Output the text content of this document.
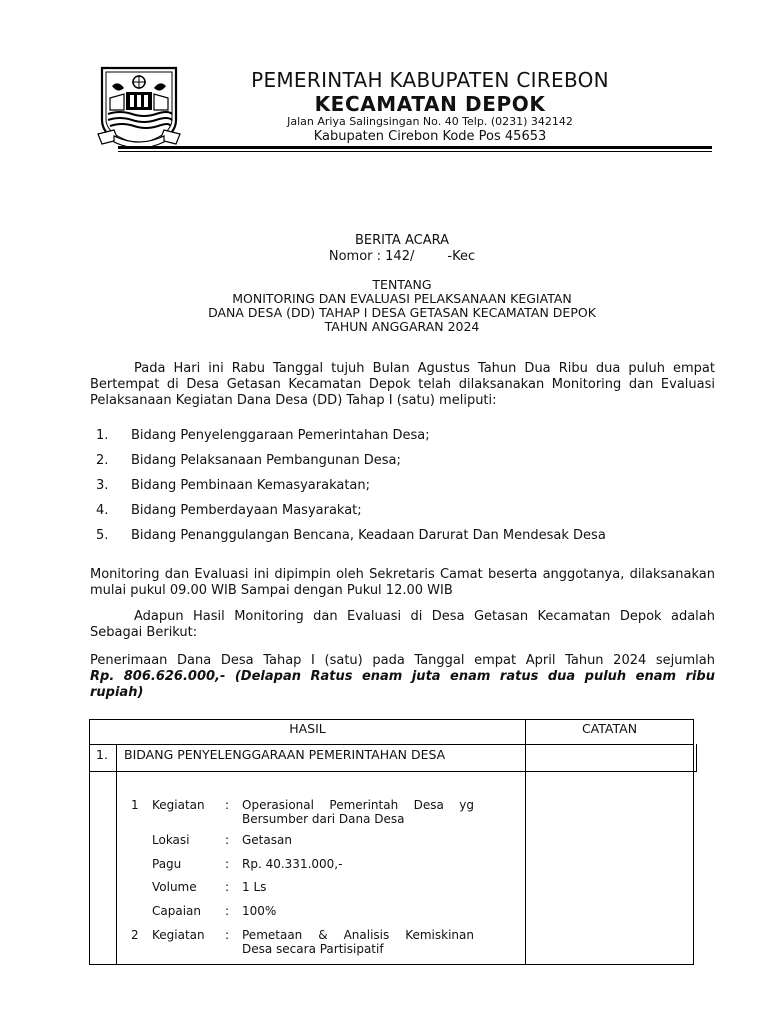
PEMERINTAH KABUPATEN CIREBON
KECAMATAN DEPOK
Jalan Ariya Salingsingan No. 40 Telp. (0231) 342142
Kabupaten Cirebon Kode Pos 45653
BERITA ACARA
Nomor : 142/        -Kec
TENTANG
MONITORING DAN EVALUASI PELAKSANAAN KEGIATAN
DANA DESA (DD) TAHAP I DESA GETASAN KECAMATAN DEPOK
TAHUN ANGGARAN 2024
Pada Hari ini Rabu Tanggal tujuh Bulan Agustus Tahun Dua Ribu dua puluh empat Bertempat di Desa Getasan Kecamatan Depok telah dilaksanakan Monitoring dan Evaluasi Pelaksanaan Kegiatan Dana Desa (DD) Tahap I (satu) meliputi:
1. Bidang Penyelenggaraan Pemerintahan Desa;
2. Bidang Pelaksanaan Pembangunan Desa;
3. Bidang Pembinaan Kemasyarakatan;
4. Bidang Pemberdayaan Masyarakat;
5. Bidang Penanggulangan Bencana, Keadaan Darurat Dan Mendesak Desa
Monitoring dan Evaluasi ini dipimpin oleh Sekretaris Camat beserta anggotanya, dilaksanakan mulai pukul 09.00 WIB Sampai dengan Pukul 12.00 WIB
Adapun Hasil Monitoring dan Evaluasi di Desa Getasan Kecamatan Depok adalah Sebagai Berikut:
Penerimaan Dana Desa Tahap I (satu) pada Tanggal empat April Tahun 2024 sejumlah
Rp. 806.626.000,- (Delapan Ratus enam juta enam ratus dua puluh enam ribu rupiah)
HASIL	CATATAN
1. BIDANG PENYELENGGARAAN PEMERINTAHAN DESA
1 Kegiatan : Operasional Pemerintah Desa yg
Bersumber dari Dana Desa
Lokasi	: Getasan
Pagu	: Rp. 40.331.000,-
Volume : 1 Ls
Capaian : 100%
2 Kegiatan : Pemetaan & Analisis Kemiskinan
Desa secara Partisipatif
